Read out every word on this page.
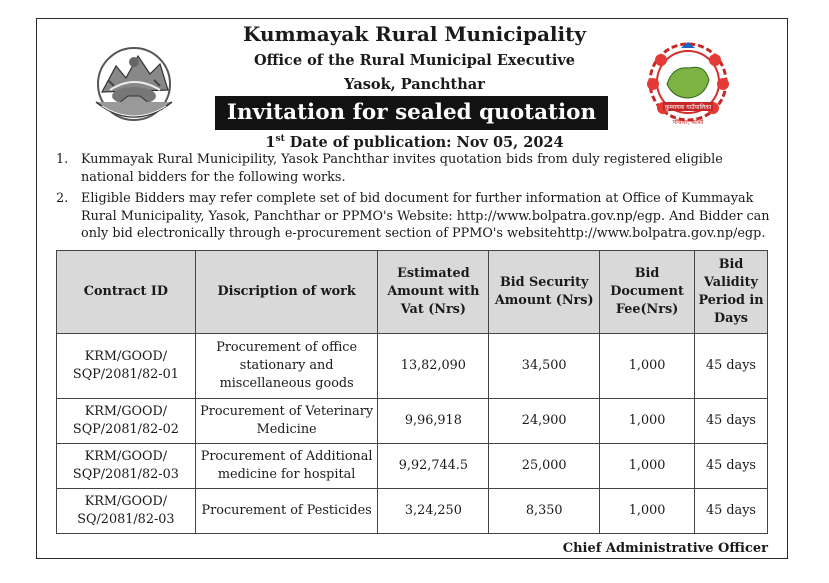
कुम्मायक गाउँपालिका
पाँचथर, कोशी
Kummayak Rural Municipality
Office of the Rural Municipal Executive
Yasok, Panchthar
Invitation for sealed quotation
1st Date of publication: Nov 05, 2024
1. Kummayak Rural Municipility, Yasok Panchthar invites quotation bids from duly registered eligible national bidders for the following works.
2. Eligible Bidders may refer complete set of bid document for further information at Office of Kummayak Rural Municipality, Yasok, Panchthar or PPMO's Website: http://www.bolpatra.gov.np/egp. And Bidder can only bid electronically through e-procurement section of PPMO's websitehttp://www.bolpatra.gov.np/egp.
Contract ID	Discription of work	Estimated Amount with Vat (Nrs)	Bid Security Amount (Nrs)	Bid Document Fee(Nrs)	Bid Validity Period in Days
KRM/GOOD/ SQP/2081/82-01	Procurement of office stationary and miscellaneous goods	13,82,090	34,500	1,000	45 days
KRM/GOOD/ SQP/2081/82-02	Procurement of Veterinary Medicine	9,96,918	24,900	1,000	45 days
KRM/GOOD/ SQP/2081/82-03	Procurement of Additional medicine for hospital	9,92,744.5	25,000	1,000	45 days
KRM/GOOD/ SQ/2081/82-03	Procurement of Pesticides	3,24,250	8,350	1,000	45 days
Chief Administrative Officer
